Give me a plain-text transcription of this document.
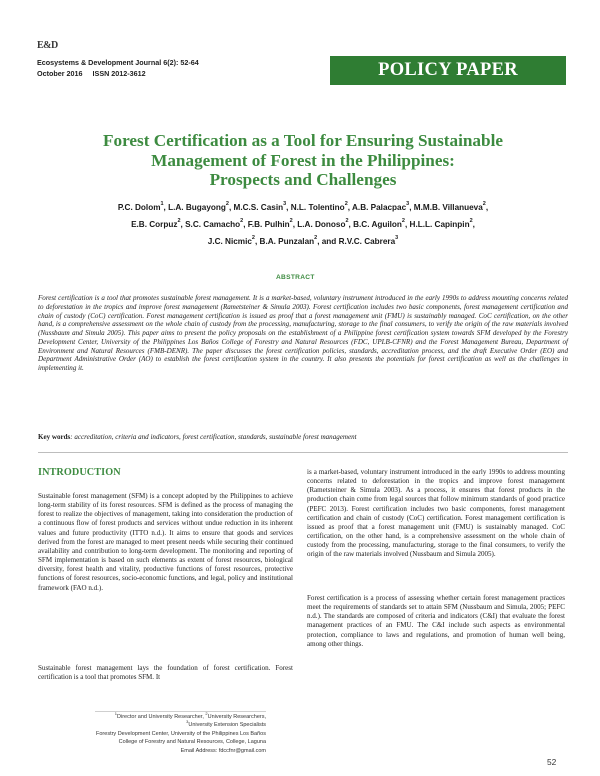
E&D
Ecosystems & Development Journal 6(2): 52-64
October 2016     ISSN 2012-3612	POLICY PAPER
Forest Certification as a Tool for Ensuring Sustainable
Management of Forest in the Philippines:
Prospects and Challenges
P.C. Dolom$^1$, L.A. Bugayong$^2$, M.C.S. Casin$^3$, N.L. Tolentino$^2$, A.B. Palacpac$^3$, M.M.B. Villanueva$^2$,
E.B. Corpuz$^2$, S.C. Camacho$^2$, F.B. Pulhin$^2$, L.A. Donoso$^2$, B.C. Aguilon$^2$, H.L.L. Capinpin$^2$,
J.C. Nicmic$^2$, B.A. Punzalan$^2$, and R.V.C. Cabrera$^3$
ABSTRACT

Forest certification is a tool that promotes sustainable forest management. It is a market-based, voluntary instrument introduced in the early 1990s to address mounting concerns related to deforestation in the tropics and improve forest management (Rametsteiner & Simula 2003). Forest certification includes two basic components, forest management certification and chain of custody (CoC) certification. Forest management certification is issued as proof that a forest management unit (FMU) is sustainably managed. CoC certification, on the other hand, is a comprehensive assessment on the whole chain of custody from the processing, manufacturing, storage to the final consumers, to verify the origin of the raw materials involved (Nussbaum and Simula 2005). This paper aims to present the policy proposals on the establishment of a Philippine forest certification system towards SFM developed by the Forestry Development Center, University of the Philippines Los Baños College of Forestry and Natural Resources (FDC, UPLB-CFNR) and the Forest Management Bureau, Department of Environment and Natural Resources (FMB-DENR). The paper discusses the forest certification policies, standards, accreditation process, and the draft Executive Order (EO) and Department Administrative Order (AO) to establish the forest certification system in the country. It also presents the potentials for forest certification as well as the challenges in implementing it.

Key words: accreditation, criteria and indicators, forest certification, standards, sustainable forest management

INTRODUCTION

Sustainable forest management (SFM) is a concept adopted by the Philippines to achieve long-term stability of its forest resources. SFM is defined as the process of managing the forest to realize the objectives of management, taking into consideration the production of a continuous flow of forest products and services without undue reduction in its inherent values and future productivity (ITTO n.d.). It aims to ensure that goods and services derived from the forest are managed to meet present needs while securing their continued availability and contribution to long-term development. The monitoring and reporting of SFM implementation is based on such elements as extent of forest resources, biological diversity, forest health and vitality, productive functions of forest resources, protective functions of forest resources, socio-economic functions, and legal, policy and institutional framework (FAO n.d.).

Sustainable forest management lays the foundation of forest certification. Forest certification is a tool that promotes SFM. It

is a market-based, voluntary instrument introduced in the early 1990s to address mounting concerns related to deforestation in the tropics and improve forest management (Rametsteiner & Simula 2003). As a process, it ensures that forest products in the production chain come from legal sources that follow minimum standards of good practice (PEFC 2013). Forest certification includes two basic components, forest management certification and chain of custody (CoC) certification. Forest management certification is issued as proof that a forest management unit (FMU) is sustainably managed. CoC certification, on the other hand, is a comprehensive assessment on the whole chain of custody from the processing, manufacturing, storage to the final consumers, to verify the origin of the raw materials involved (Nussbaum and Simula 2005).

Forest certification is a process of assessing whether certain forest management practices meet the requirements of standards set to attain SFM (Nussbaum and Simula, 2005; PEFC n.d.). The standards are composed of criteria and indicators (C&I) that evaluate the forest management practices of an FMU. The C&I include such aspects as environmental protection, compliance to laws and regulations, and promotion of human well being, among other things.

$^1$Director and University Researcher, $^2$University Researchers,
$^3$University Extension Specialists
Forestry Development Center, University of the Philippines Los Baños
College of Forestry and Natural Resources, College, Laguna
Email Address: fdccfnr@gmail.com
52
